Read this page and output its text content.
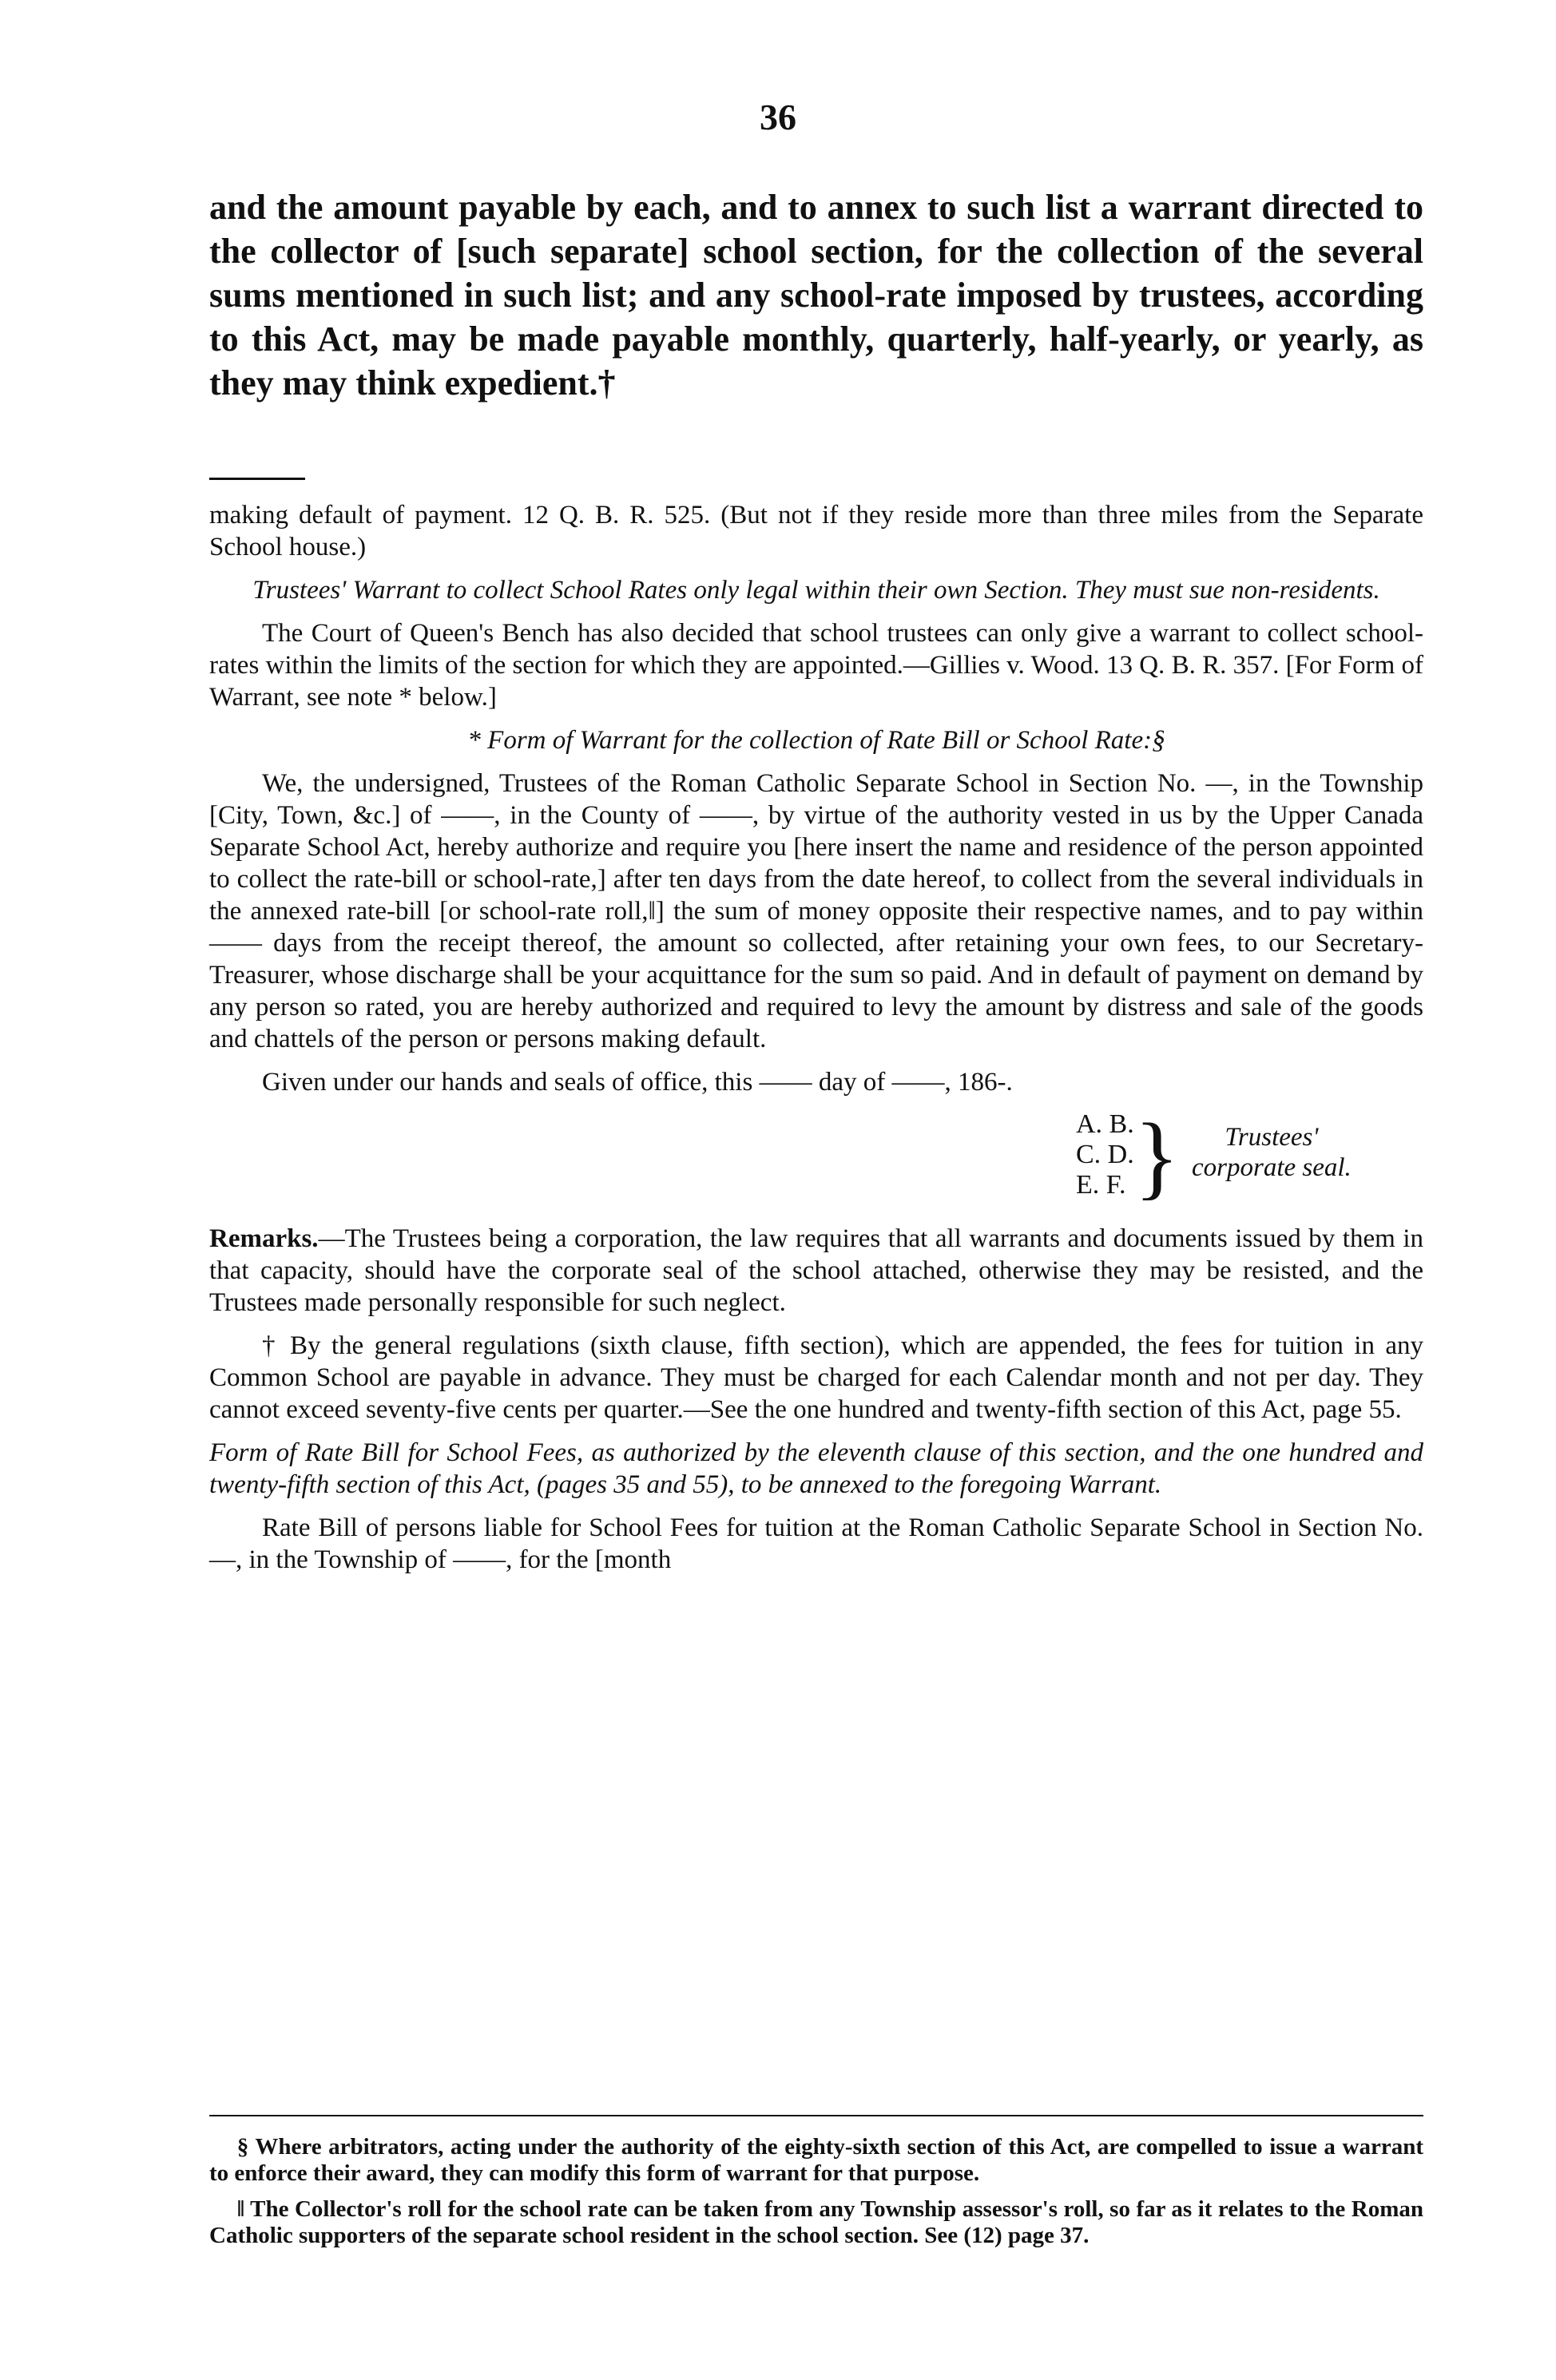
36

and the amount payable by each, and to annex to such list a warrant directed to the collector of [such separate] school section, for the collection of the several sums mentioned in such list; and any school-rate imposed by trustees, according to this Act, may be made payable monthly, quarterly, half-yearly, or yearly, as they may think expedient.†

making default of payment. 12 Q. B. R. 525. (But not if they reside more than three miles from the Separate School house.)

Trustees' Warrant to collect School Rates only legal within their own Section. They must sue non-residents.

The Court of Queen's Bench has also decided that school trustees can only give a warrant to collect school-rates within the limits of the section for which they are appointed.—Gillies v. Wood. 13 Q. B. R. 357. [For Form of Warrant, see note * below.]

* Form of Warrant for the collection of Rate Bill or School Rate:§

We, the undersigned, Trustees of the Roman Catholic Separate School in Section No. —, in the Township [City, Town, &c.] of ——, in the County of ——, by virtue of the authority vested in us by the Upper Canada Separate School Act, hereby authorize and require you [here insert the name and residence of the person appointed to collect the rate-bill or school-rate,] after ten days from the date hereof, to collect from the several individuals in the annexed rate-bill [or school-rate roll,‖] the sum of money opposite their respective names, and to pay within —— days from the receipt thereof, the amount so collected, after retaining your own fees, to our Secretary-Treasurer, whose discharge shall be your acquittance for the sum so paid. And in default of payment on demand by any person so rated, you are hereby authorized and required to levy the amount by distress and sale of the goods and chattels of the person or persons making default.

Given under our hands and seals of office, this —— day of ——, 186-.

A. B.
C. D.
E. F. }	Trustees'
corporate seal.

Remarks.—The Trustees being a corporation, the law requires that all warrants and documents issued by them in that capacity, should have the corporate seal of the school attached, otherwise they may be resisted, and the Trustees made personally responsible for such neglect.

† By the general regulations (sixth clause, fifth section), which are appended, the fees for tuition in any Common School are payable in advance. They must be charged for each Calendar month and not per day. They cannot exceed seventy-five cents per quarter.—See the one hundred and twenty-fifth section of this Act, page 55.

Form of Rate Bill for School Fees, as authorized by the eleventh clause of this section, and the one hundred and twenty-fifth section of this Act, (pages 35 and 55), to be annexed to the foregoing Warrant.

Rate Bill of persons liable for School Fees for tuition at the Roman Catholic Separate School in Section No. —, in the Township of ——, for the [month

§ Where arbitrators, acting under the authority of the eighty-sixth section of this Act, are compelled to issue a warrant to enforce their award, they can modify this form of warrant for that purpose.

‖ The Collector's roll for the school rate can be taken from any Township assessor's roll, so far as it relates to the Roman Catholic supporters of the separate school resident in the school section. See (12) page 37.
